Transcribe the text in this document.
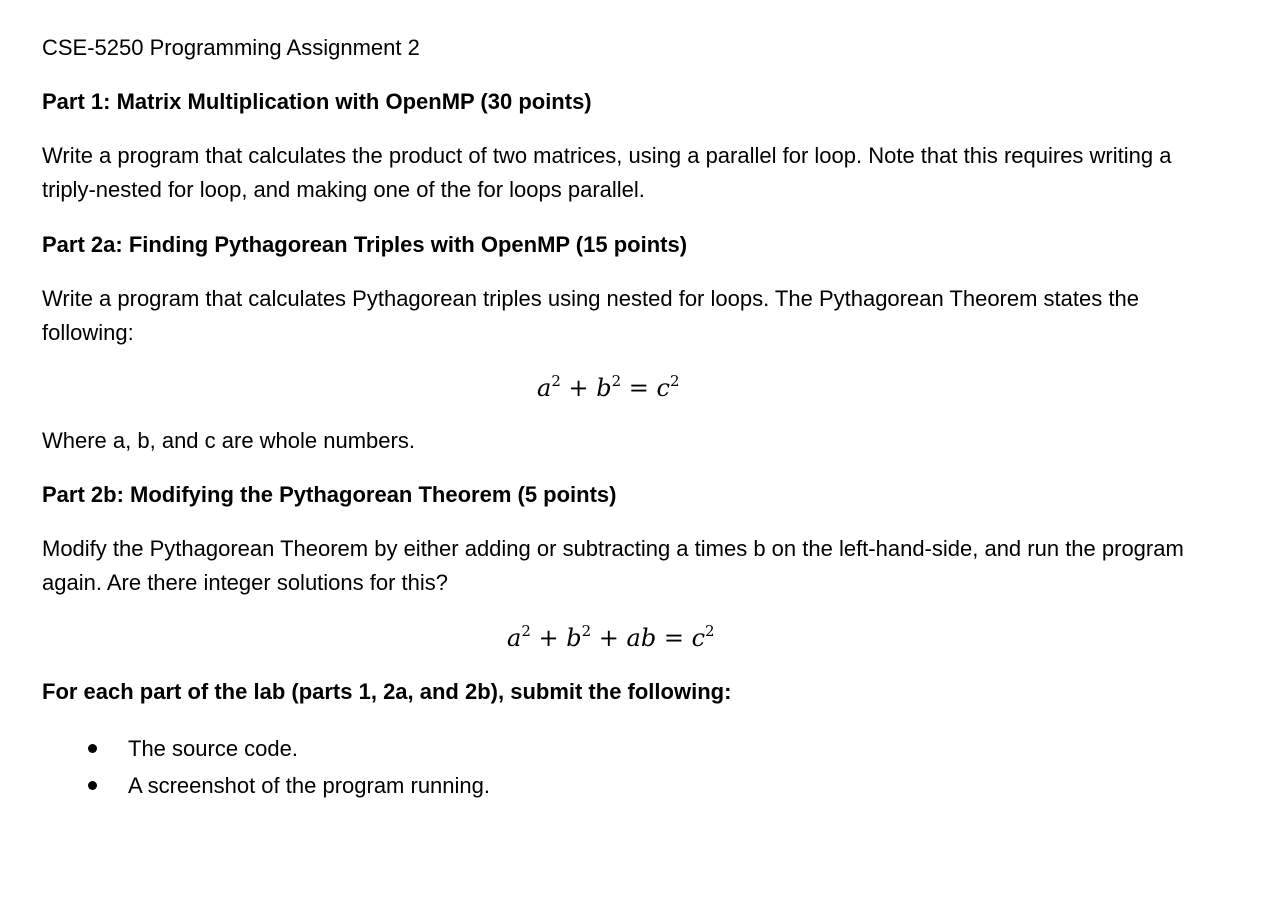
CSE-5250 Programming Assignment 2
Part 1: Matrix Multiplication with OpenMP (30 points)
Write a program that calculates the product of two matrices, using a parallel for loop. Note that this requires writing a triply-nested for loop, and making one of the for loops parallel.
Part 2a: Finding Pythagorean Triples with OpenMP (15 points)
Write a program that calculates Pythagorean triples using nested for loops. The Pythagorean Theorem states the following:
$a^2 + b^2 = c^2$
Where a, b, and c are whole numbers.
Part 2b: Modifying the Pythagorean Theorem (5 points)
Modify the Pythagorean Theorem by either adding or subtracting a times b on the left-hand-side, and run the program again. Are there integer solutions for this?
$a^2 + b^2$ + ab = $c^2$
For each part of the lab (parts 1, 2a, and 2b), submit the following:
The source code.
A screenshot of the program running.
